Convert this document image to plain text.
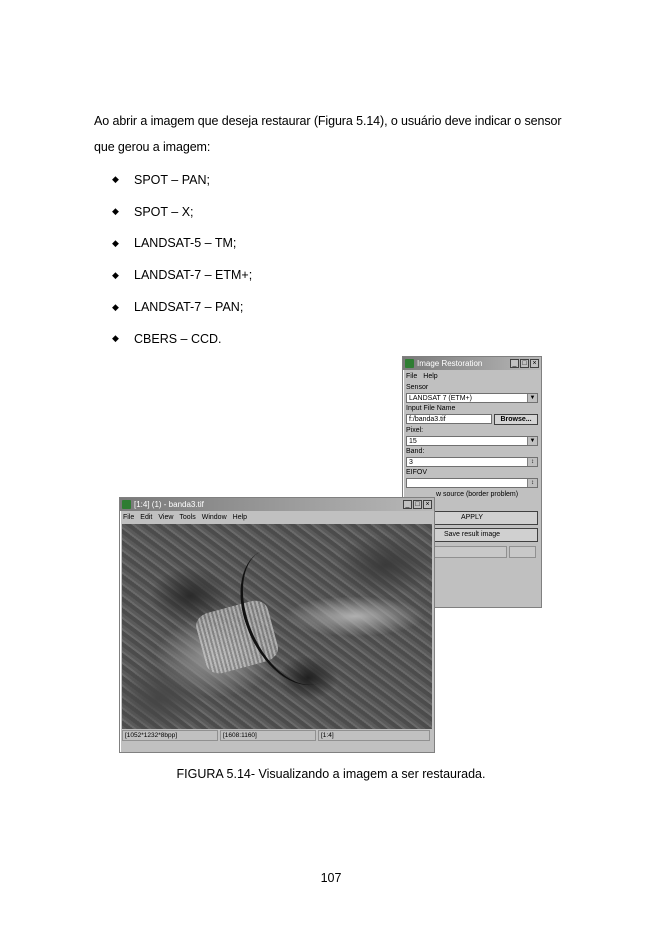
Ao abrir a imagem que deseja restaurar (Figura 5.14), o usuário deve indicar o sensor que gerou a imagem:
◆ SPOT – PAN;
◆ SPOT – X;
◆ LANDSAT-5 – TM;
◆ LANDSAT-7 – ETM+;
◆ LANDSAT-7 – PAN;
◆ CBERS – CCD.
Image Restoration	_ □ ×
File Help
Sensor
LANDSAT 7 (ETM+)	▼
Input File Name
f:/banda3.tif	Browse...
Pixel:
15	▼
Band:
3	↕
EIFOV
↕
w source (border problem)
APPLY
Save result image
[1:4] (1) - banda3.tif	_ □ ×
File Edit View Tools Window Help
[1052*1232*8bpp]	[1608:1160]	[1:4]
FIGURA 5.14- Visualizando a imagem a ser restaurada.
107
